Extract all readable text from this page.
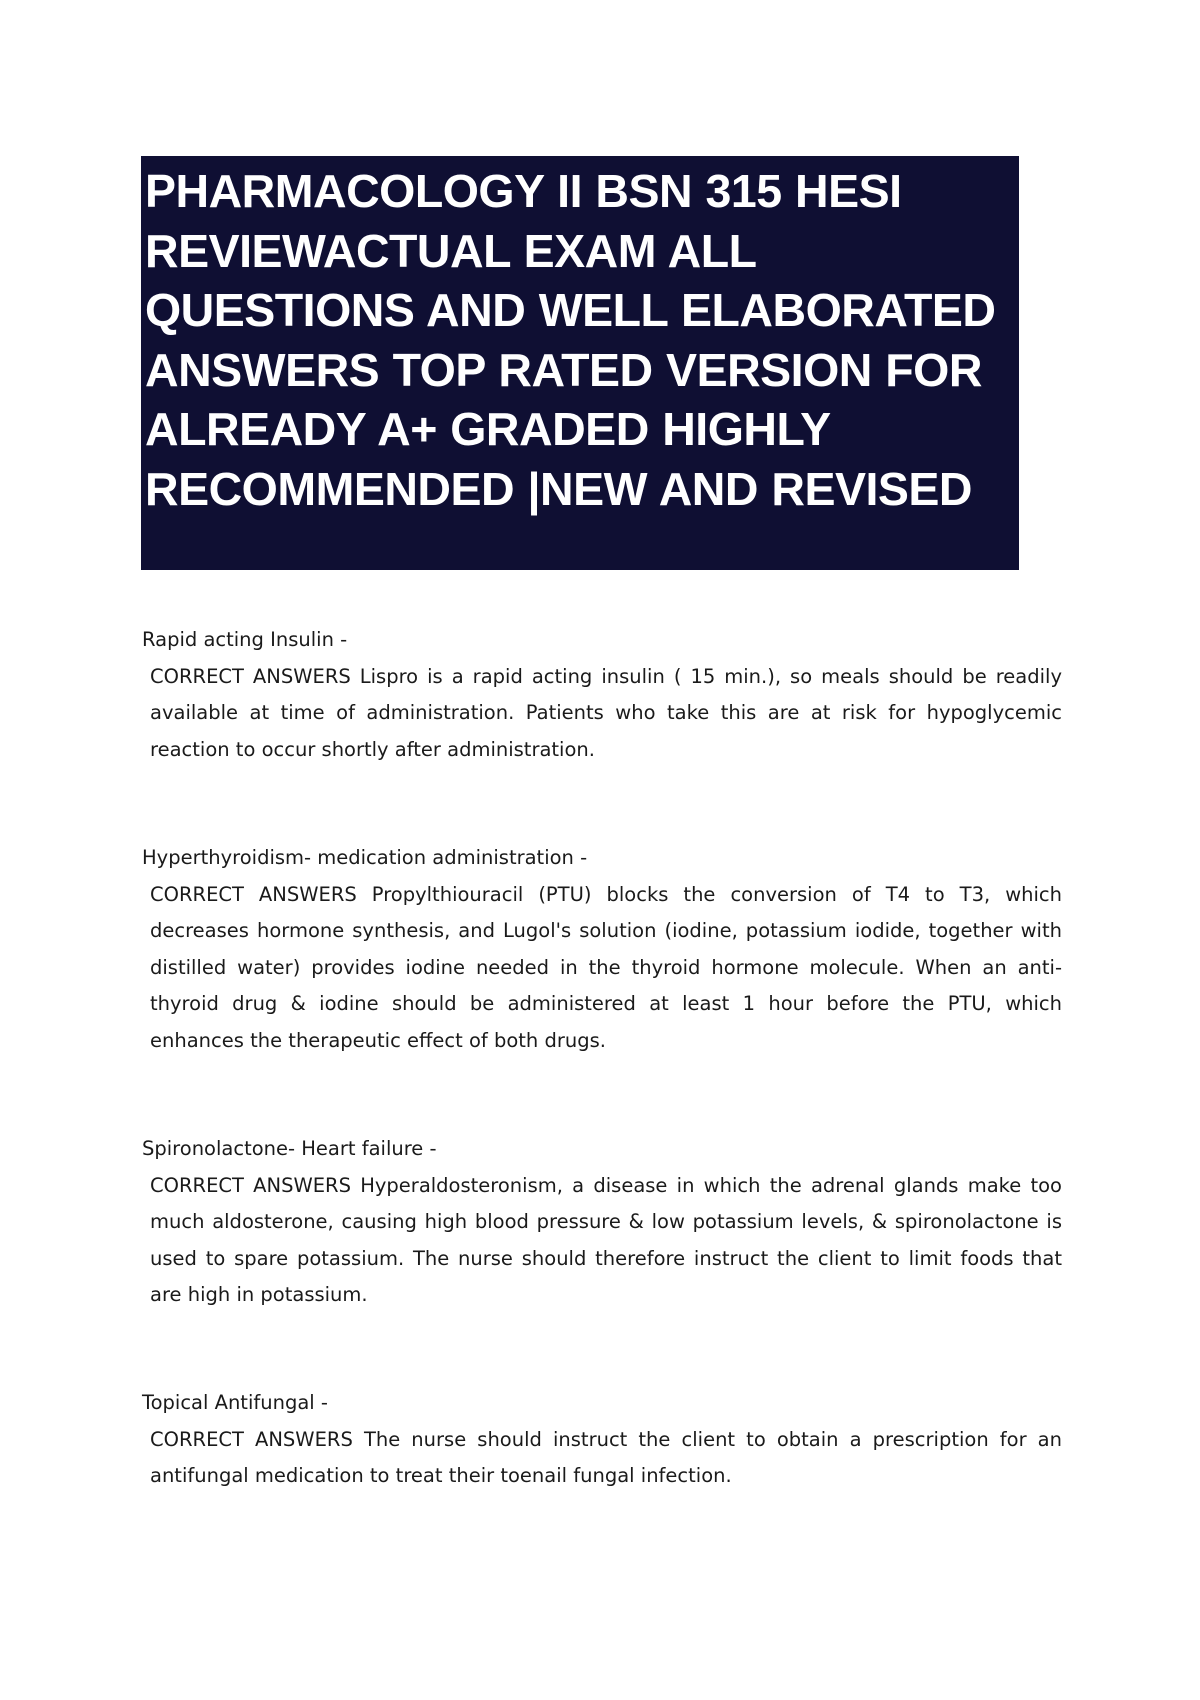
PHARMACOLOGY II BSN 315 HESI REVIEWACTUAL EXAM ALL QUESTIONS AND WELL ELABORATED ANSWERS TOP RATED VERSION FOR ALREADY A+ GRADED HIGHLY RECOMMENDED |NEW AND REVISED

Rapid acting Insulin -

CORRECT ANSWERS Lispro is a rapid acting insulin ( 15 min.), so meals should be readily available at time of administration. Patients who take this are at risk for hypoglycemic reaction to occur shortly after administration.

Hyperthyroidism- medication administration -

CORRECT ANSWERS Propylthiouracil (PTU) blocks the conversion of T4 to T3, which decreases hormone synthesis, and Lugol's solution (iodine, potassium iodide, together with distilled water) provides iodine needed in the thyroid hormone molecule. When an anti-thyroid drug & iodine should be administered at least 1 hour before the PTU, which enhances the therapeutic effect of both drugs.

Spironolactone- Heart failure -

CORRECT ANSWERS Hyperaldosteronism, a disease in which the adrenal glands make too much aldosterone, causing high blood pressure & low potassium levels, & spironolactone is used to spare potassium. The nurse should therefore instruct the client to limit foods that are high in potassium.

Topical Antifungal -

CORRECT ANSWERS The nurse should instruct the client to obtain a prescription for an antifungal medication to treat their toenail fungal infection.
